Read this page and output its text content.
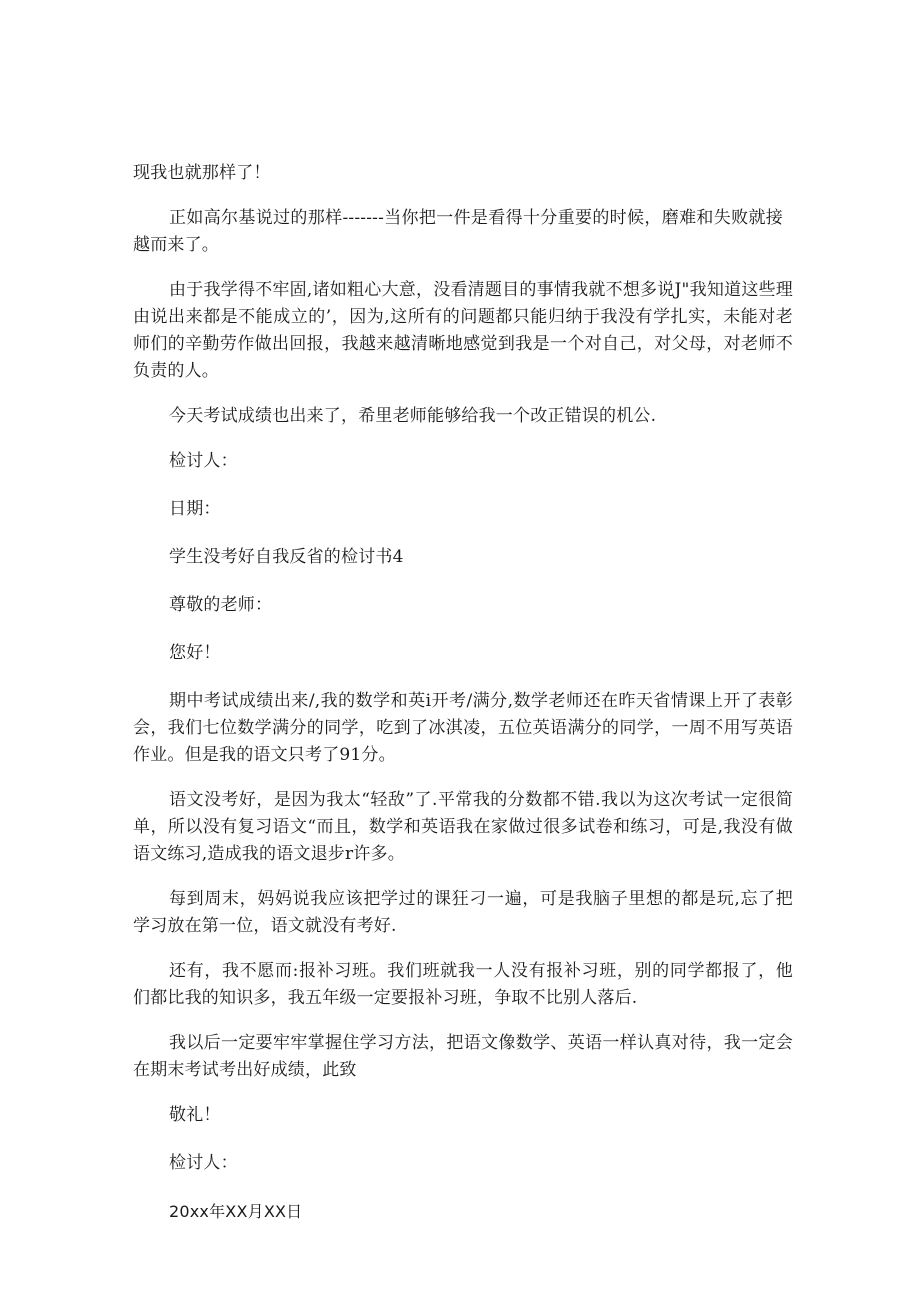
现我也就那样了！

正如高尔基说过的那样-------当你把一件是看得十分重要的时候，磨难和失败就接越而来了。

由于我学得不牢固,诸如粗心大意，没看清题目的事情我就不想多说J"我知道这些理由说出来都是不能成立的’，因为,这所有的问题都只能归纳于我没有学扎实，未能对老师们的辛勤劳作做出回报，我越来越清晰地感觉到我是一个对自己，对父母，对老师不负责的人。

今天考试成绩也出来了，希里老师能够给我一个改正错误的机公.

检讨人：

日期：

学生没考好自我反省的检讨书4

尊敬的老师：

您好！

期中考试成绩出来/,我的数学和英i开考/满分,数学老师还在昨天省情课上开了表彰会，我们七位数学满分的同学，吃到了冰淇凌，五位英语满分的同学，一周不用写英语作业。但是我的语文只考了91分。

语文没考好，是因为我太“轻敌”了.平常我的分数都不错.我以为这次考试一定很简单，所以没有复习语文“而且，数学和英语我在家做过很多试卷和练习，可是,我没有做语文练习,造成我的语文退步r许多。

每到周末，妈妈说我应该把学过的课狂刁一遍，可是我脑子里想的都是玩,忘了把学习放在第一位，语文就没有考好.

还有，我不愿而:报补习班。我们班就我一人没有报补习班，别的同学都报了，他们都比我的知识多，我五年级一定要报补习班，争取不比别人落后.

我以后一定要牢牢掌握住学习方法，把语文像数学、英语一样认真对待，我一定会在期末考试考出好成绩，此致

敬礼！

检讨人：

20xx年XX月XX日
